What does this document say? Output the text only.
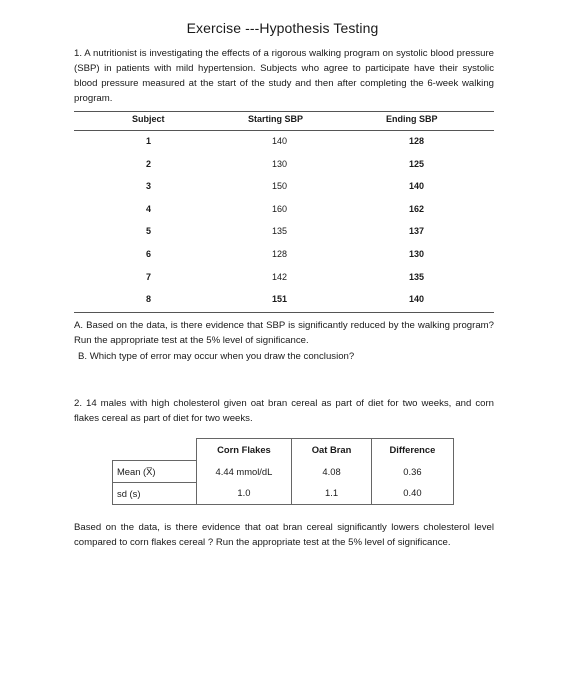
Exercise ---Hypothesis Testing
1. A nutritionist is investigating the effects of a rigorous walking program on systolic blood pressure (SBP) in patients with mild hypertension. Subjects who agree to participate have their systolic blood pressure measured at the start of the study and then after completing the 6-week walking program.
Subject	Starting SBP	Ending SBP
1	140	128
2	130	125
3	150	140
4	160	162
5	135	137
6	128	130
7	142	135
8	151	140
A. Based on the data, is there evidence that SBP is significantly reduced by the walking program? Run the appropriate test at the 5% level of significance.
B. Which type of error may occur when you draw the conclusion?
2. 14 males with high cholesterol given oat bran cereal as part of diet for two weeks, and corn flakes cereal as part of diet for two weeks.
	Corn Flakes	Oat Bran	Difference
Mean (X̅)	4.44 mmol/dL	4.08	0.36
sd (s)	1.0	1.1	0.40
Based on the data, is there evidence that oat bran cereal significantly lowers cholesterol level compared to corn flakes cereal ? Run the appropriate test at the 5% level of significance.
